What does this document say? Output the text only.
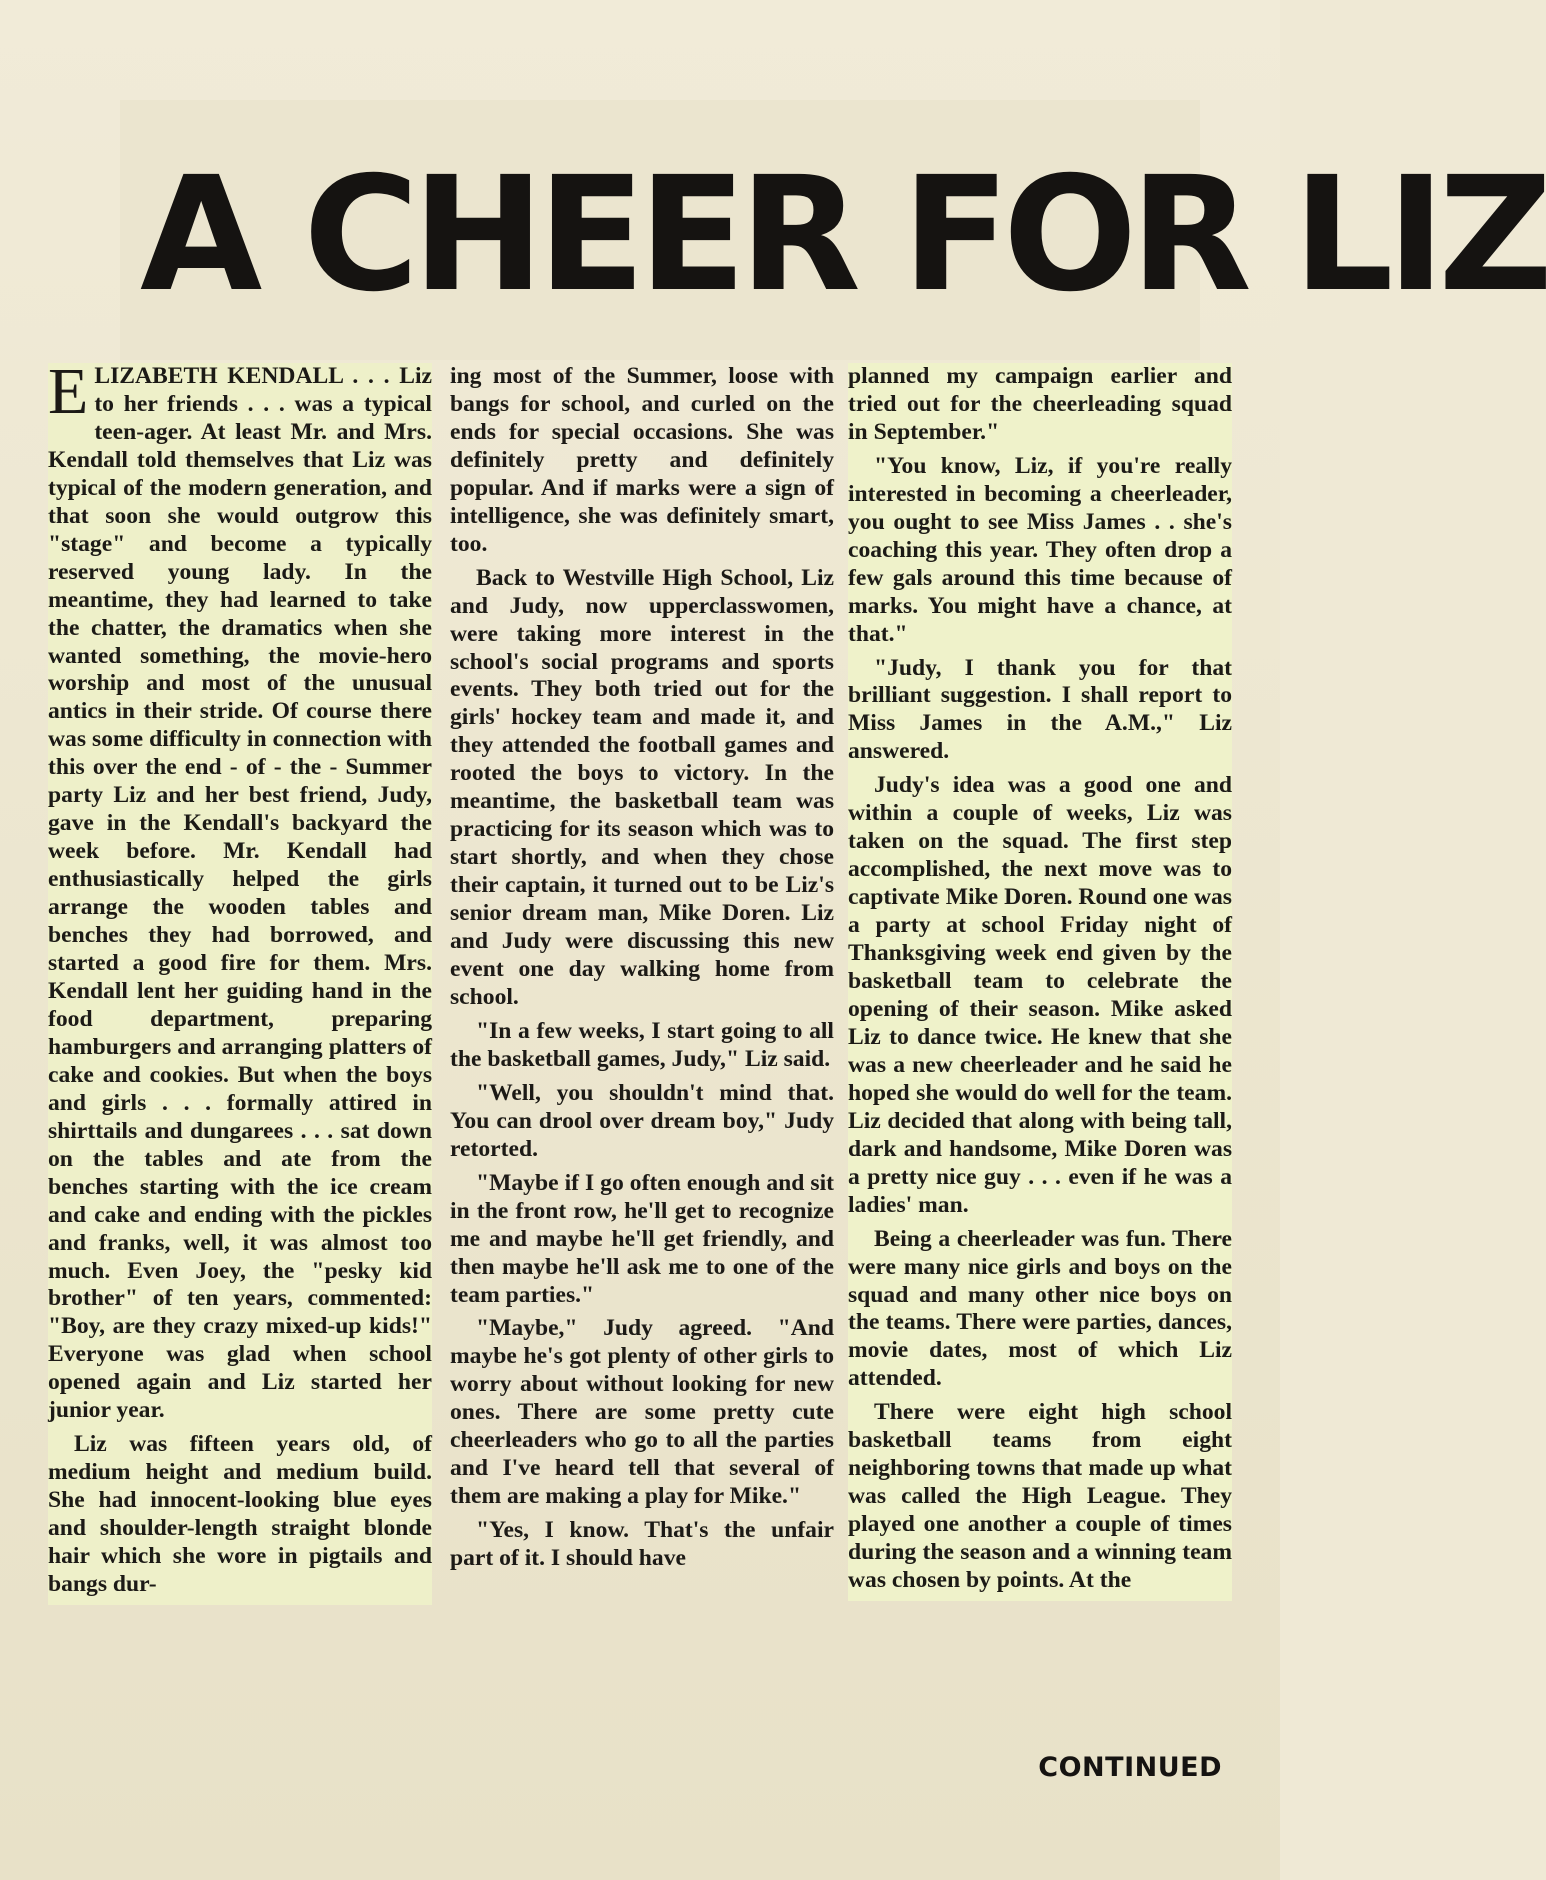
A CHEER FOR LIZ

ELIZABETH KENDALL . . . Liz to her friends . . . was a typical teen-ager. At least Mr. and Mrs. Kendall told themselves that Liz was typical of the modern generation, and that soon she would outgrow this "stage" and become a typically reserved young lady. In the meantime, they had learned to take the chatter, the dramatics when she wanted something, the movie-hero worship and most of the unusual antics in their stride. Of course there was some difficulty in connection with this over the end - of - the - Summer party Liz and her best friend, Judy, gave in the Kendall's backyard the week before. Mr. Kendall had enthusiastically helped the girls arrange the wooden tables and benches they had borrowed, and started a good fire for them. Mrs. Kendall lent her guiding hand in the food department, preparing hamburgers and arranging platters of cake and cookies. But when the boys and girls . . . formally attired in shirttails and dungarees . . . sat down on the tables and ate from the benches starting with the ice cream and cake and ending with the pickles and franks, well, it was almost too much. Even Joey, the "pesky kid brother" of ten years, commented: "Boy, are they crazy mixed-up kids!" Everyone was glad when school opened again and Liz started her junior year.

Liz was fifteen years old, of medium height and medium build. She had innocent-looking blue eyes and shoulder-length straight blonde hair which she wore in pigtails and bangs dur-

ing most of the Summer, loose with bangs for school, and curled on the ends for special occasions. She was definitely pretty and definitely popular. And if marks were a sign of intelligence, she was definitely smart, too.

Back to Westville High School, Liz and Judy, now upperclasswomen, were taking more interest in the school's social programs and sports events. They both tried out for the girls' hockey team and made it, and they attended the football games and rooted the boys to victory. In the meantime, the basketball team was practicing for its season which was to start shortly, and when they chose their captain, it turned out to be Liz's senior dream man, Mike Doren. Liz and Judy were discussing this new event one day walking home from school.

"In a few weeks, I start going to all the basketball games, Judy," Liz said.

"Well, you shouldn't mind that. You can drool over dream boy," Judy retorted.

"Maybe if I go often enough and sit in the front row, he'll get to recognize me and maybe he'll get friendly, and then maybe he'll ask me to one of the team parties."

"Maybe," Judy agreed. "And maybe he's got plenty of other girls to worry about without looking for new ones. There are some pretty cute cheerleaders who go to all the parties and I've heard tell that several of them are making a play for Mike."

"Yes, I know. That's the unfair part of it. I should have

planned my campaign earlier and tried out for the cheerleading squad in September."

"You know, Liz, if you're really interested in becoming a cheerleader, you ought to see Miss James . . she's coaching this year. They often drop a few gals around this time because of marks. You might have a chance, at that."

"Judy, I thank you for that brilliant suggestion. I shall report to Miss James in the A.M.," Liz answered.

Judy's idea was a good one and within a couple of weeks, Liz was taken on the squad. The first step accomplished, the next move was to captivate Mike Doren. Round one was a party at school Friday night of Thanksgiving week end given by the basketball team to celebrate the opening of their season. Mike asked Liz to dance twice. He knew that she was a new cheerleader and he said he hoped she would do well for the team. Liz decided that along with being tall, dark and handsome, Mike Doren was a pretty nice guy . . . even if he was a ladies' man.

Being a cheerleader was fun. There were many nice girls and boys on the squad and many other nice boys on the teams. There were parties, dances, movie dates, most of which Liz attended.

There were eight high school basketball teams from eight neighboring towns that made up what was called the High League. They played one another a couple of times during the season and a winning team was chosen by points. At the

CONTINUED
